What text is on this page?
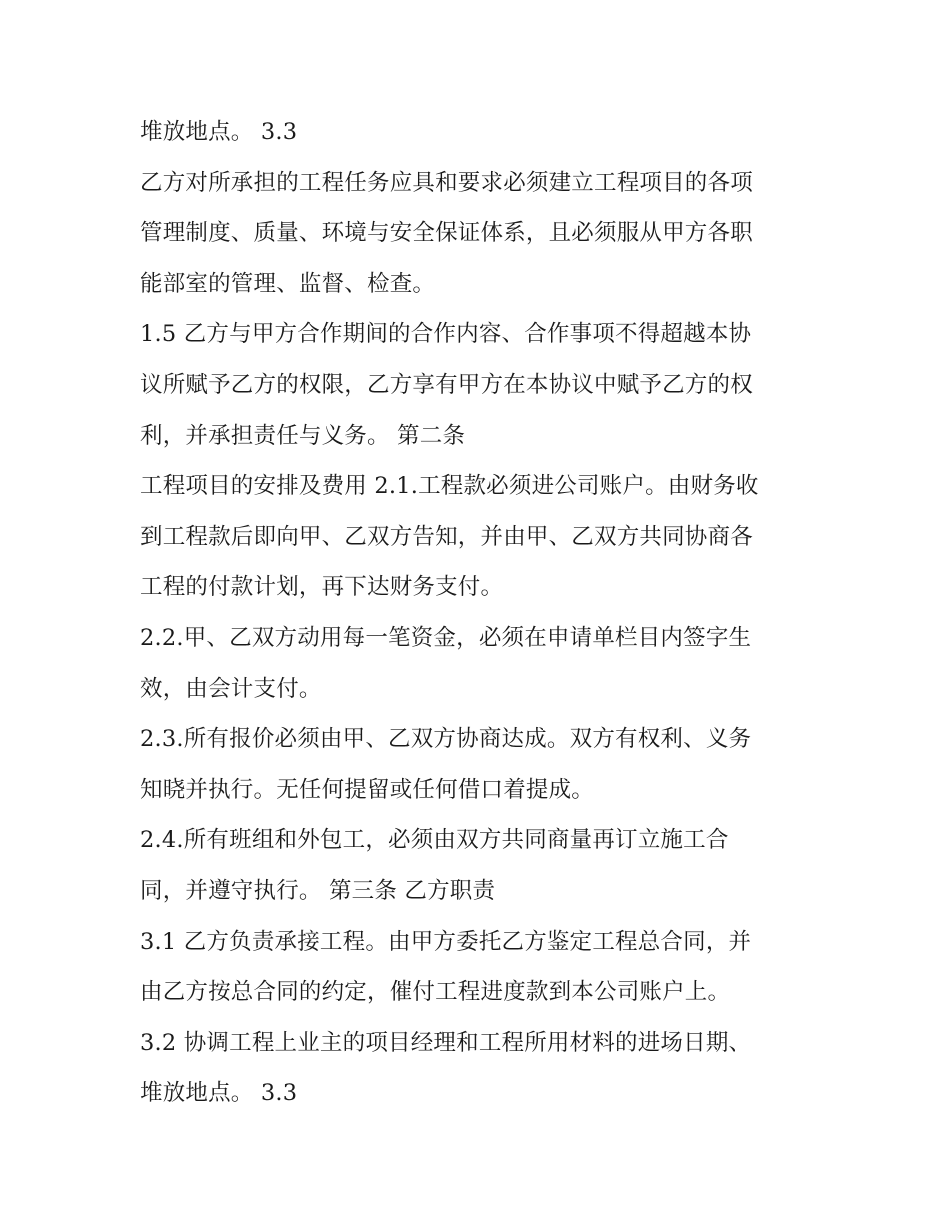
堆放地点。 3.3
乙方对所承担的工程任务应具和要求必须建立工程项目的各项
管理制度、质量、环境与安全保证体系，且必须服从甲方各职
能部室的管理、监督、检查。
1.5 乙方与甲方合作期间的合作内容、合作事项不得超越本协
议所赋予乙方的权限，乙方享有甲方在本协议中赋予乙方的权
利，并承担责任与义务。 第二条
工程项目的安排及费用 2.1.工程款必须进公司账户。由财务收
到工程款后即向甲、乙双方告知，并由甲、乙双方共同协商各
工程的付款计划，再下达财务支付。
2.2.甲、乙双方动用每一笔资金，必须在申请单栏目内签字生
效，由会计支付。
2.3.所有报价必须由甲、乙双方协商达成。双方有权利、义务
知晓并执行。无任何提留或任何借口着提成。
2.4.所有班组和外包工，必须由双方共同商量再订立施工合
同，并遵守执行。 第三条 乙方职责
3.1 乙方负责承接工程。由甲方委托乙方鉴定工程总合同，并
由乙方按总合同的约定，催付工程进度款到本公司账户上。
3.2 协调工程上业主的项目经理和工程所用材料的进场日期、
堆放地点。 3.3
